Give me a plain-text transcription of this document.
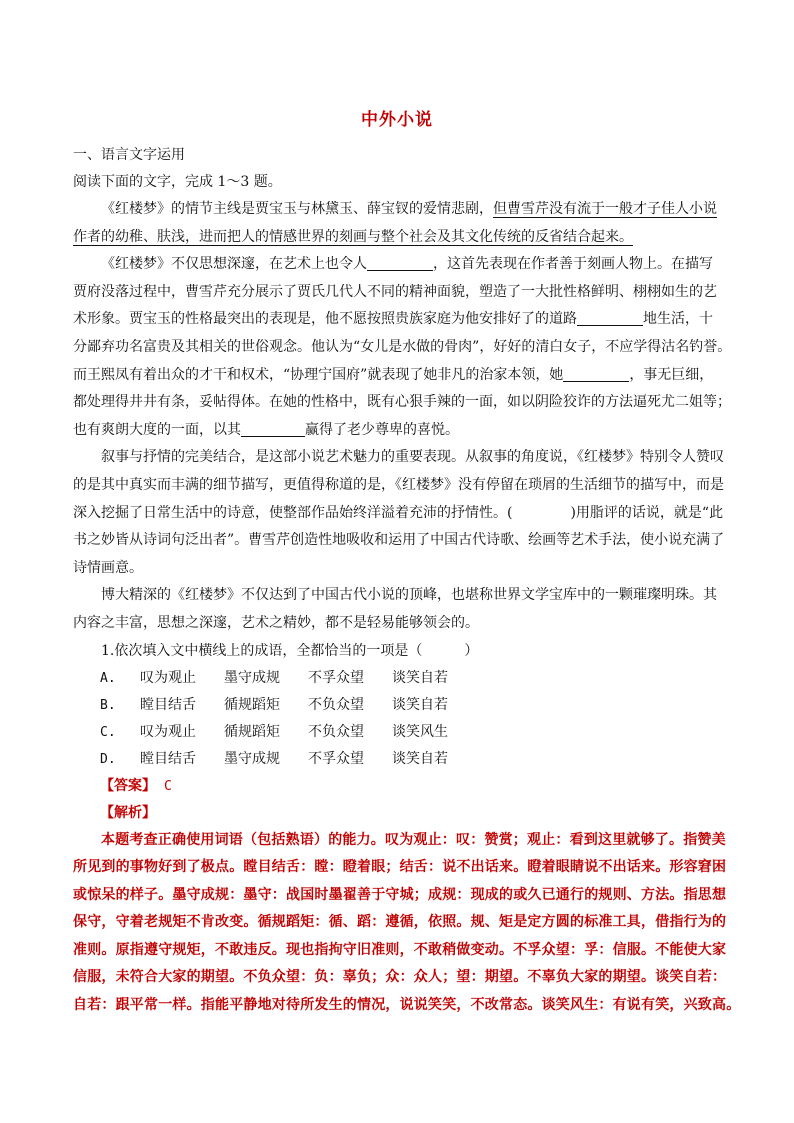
中外小说
一、语言文字运用
阅读下面的文字，完成 1～3 题。
《红楼梦》的情节主线是贾宝玉与林黛玉、薛宝钗的爱情悲剧，但曹雪芹没有流于一般才子佳人小说
作者的幼稚、肤浅，进而把人的情感世界的刻画与整个社会及其文化传统的反省结合起来。
《红楼梦》不仅思想深邃，在艺术上也令人	，这首先表现在作者善于刻画人物上。在描写
贾府没落过程中，曹雪芹充分展示了贾氏几代人不同的精神面貌，塑造了一大批性格鲜明、栩栩如生的艺
术形象。贾宝玉的性格最突出的表现是，他不愿按照贵族家庭为他安排好了的道路	地生活，十
分鄙弃功名富贵及其相关的世俗观念。他认为“女儿是水做的骨肉”，好好的清白女子，不应学得沽名钓誉。
而王熙凤有着出众的才干和权术，“协理宁国府”就表现了她非凡的治家本领，她	，事无巨细，
都处理得井井有条，妥帖得体。在她的性格中，既有心狠手辣的一面，如以阴险狡诈的方法逼死尤二姐等；
也有爽朗大度的一面，以其	赢得了老少尊卑的喜悦。
叙事与抒情的完美结合，是这部小说艺术魅力的重要表现。从叙事的角度说，《红楼梦》特别令人赞叹
的是其中真实而丰满的细节描写，更值得称道的是，《红楼梦》没有停留在琐屑的生活细节的描写中，而是
深入挖掘了日常生活中的诗意，使整部作品始终洋溢着充沛的抒情性。(	)用脂评的话说，就是“此
书之妙皆从诗词句泛出者”。曹雪芹创造性地吸收和运用了中国古代诗歌、绘画等艺术手法，使小说充满了
诗情画意。
博大精深的《红楼梦》不仅达到了中国古代小说的顶峰，也堪称世界文学宝库中的一颗璀璨明珠。其
内容之丰富，思想之深邃，艺术之精妙，都不是轻易能够领会的。
1.依次填入文中横线上的成语，全都恰当的一项是（　　　）
A.	叹为观止	墨守成规	不孚众望	谈笑自若
B.	瞠目结舌	循规蹈矩	不负众望	谈笑自若
C.	叹为观止	循规蹈矩	不负众望	谈笑风生
D.	瞠目结舌	墨守成规	不孚众望	谈笑自若
【答案】 C
【解析】
本题考查正确使用词语（包括熟语）的能力。叹为观止：叹：赞赏；观止：看到这里就够了。指赞美
所见到的事物好到了极点。瞠目结舌：瞠：瞪着眼；结舌：说不出话来。瞪着眼睛说不出话来。形容窘困
或惊呆的样子。墨守成规：墨守：战国时墨翟善于守城；成规：现成的或久已通行的规则、方法。指思想
保守，守着老规矩不肯改变。循规蹈矩：循、蹈：遵循，依照。规、矩是定方圆的标准工具，借指行为的
准则。原指遵守规矩，不敢违反。现也指拘守旧准则，不敢稍做变动。不孚众望：孚：信服。不能使大家
信服，未符合大家的期望。不负众望：负：辜负；众：众人；望：期望。不辜负大家的期望。谈笑自若：
自若：跟平常一样。指能平静地对待所发生的情况，说说笑笑，不改常态。谈笑风生：有说有笑，兴致高。
